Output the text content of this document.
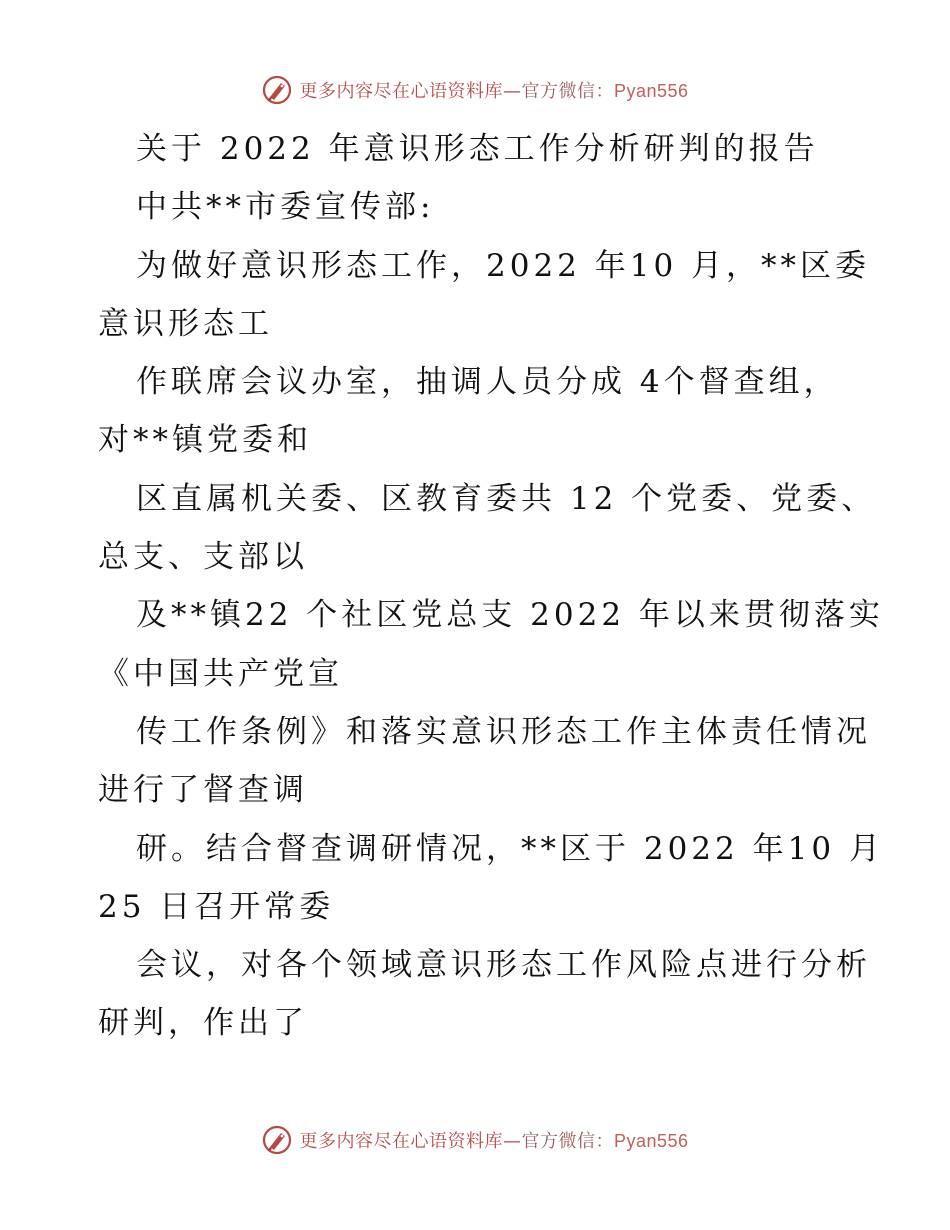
更多内容尽在心语资料库—官方微信：Pyan556
关于 2022 年意识形态工作分析研判的报告
中共**市委宣传部:
为做好意识形态工作，2022 年10 月，**区委
意识形态工
作联席会议办室，抽调人员分成 4个督查组，
对**镇党委和
区直属机关委、区教育委共 12 个党委、党委、
总支、支部以
及**镇22 个社区党总支 2022 年以来贯彻落实
《中国共产党宣
传工作条例》和落实意识形态工作主体责任情况
进行了督查调
研。结合督查调研情况，**区于 2022 年10 月
25 日召开常委
会议，对各个领域意识形态工作风险点进行分析
研判，作出了
更多内容尽在心语资料库—官方微信：Pyan556
